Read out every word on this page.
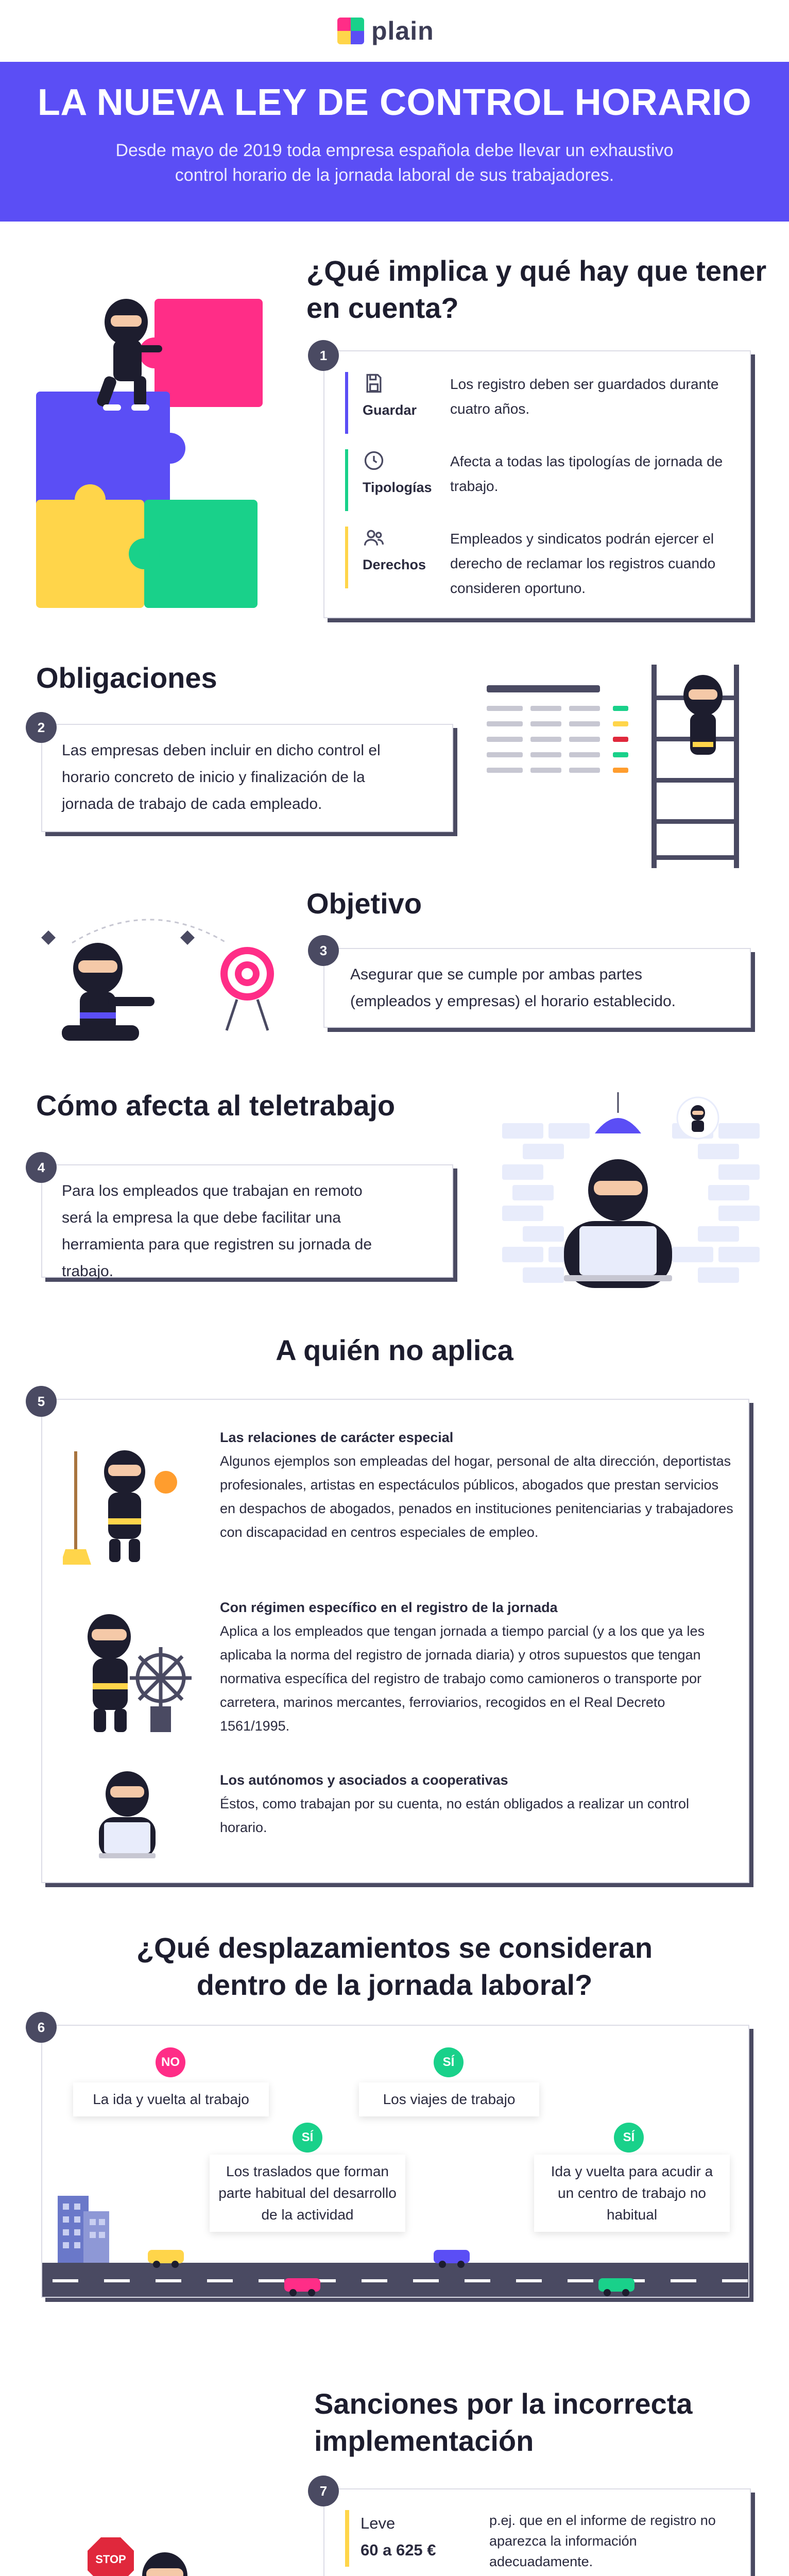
plain
LA NUEVA LEY DE CONTROL HORARIO

Desde mayo de 2019 toda empresa española debe llevar un exhaustivo control horario de la jornada laboral de sus trabajadores.

¿Qué implica y qué hay que tener
en cuenta?
Guardar
Los registro deben ser guardados durante cuatro años.
Tipologías
Afecta a todas las tipologías de jornada de trabajo.
Derechos
Empleados y sindicatos podrán ejercer el derecho de reclamar los registros cuando consideren oportuno.
1
Obligaciones
Las empresas deben incluir en dicho control el horario concreto de inicio y finalización de la jornada de trabajo de cada empleado.
2
Objetivo
Asegurar que se cumple por ambas partes (empleados y empresas) el horario establecido.
3
Cómo afecta al teletrabajo
Para los empleados que trabajan en remoto será la empresa la que debe facilitar una herramienta para que registren su jornada de trabajo.
4
A quién no aplica
Las relaciones de carácter especial
Algunos ejemplos son empleadas del hogar, personal de alta dirección, deportistas profesionales, artistas en espectáculos públicos, abogados que prestan servicios en despachos de abogados, penados en instituciones penitenciarias y trabajadores con discapacidad en centros especiales de empleo.
Con régimen específico en el registro de la jornada
Aplica a los empleados que tengan jornada a tiempo parcial (y a los que ya les aplicaba la norma del registro de jornada diaria) y otros supuestos que tengan normativa específica del registro de trabajo como camioneros o transporte por carretera, marinos mercantes, ferroviarios, recogidos en el Real Decreto 1561/1995.
Los autónomos y asociados a cooperativas
Éstos, como trabajan por su cuenta, no están obligados a realizar un control horario.
5
¿Qué desplazamientos se consideran
dentro de la jornada laboral?
NO
La ida y vuelta al trabajo
SÍ
Los viajes de trabajo
SÍ
Los traslados que forman parte habitual del desarrollo de la actividad
SÍ
Ida y vuelta para acudir a un centro de trabajo no habitual
6
Sanciones por la incorrecta
implementación
STOP
Leve
60 a 625 €
p.ej. que en el informe de registro no aparezca la información adecuadamente.
7
